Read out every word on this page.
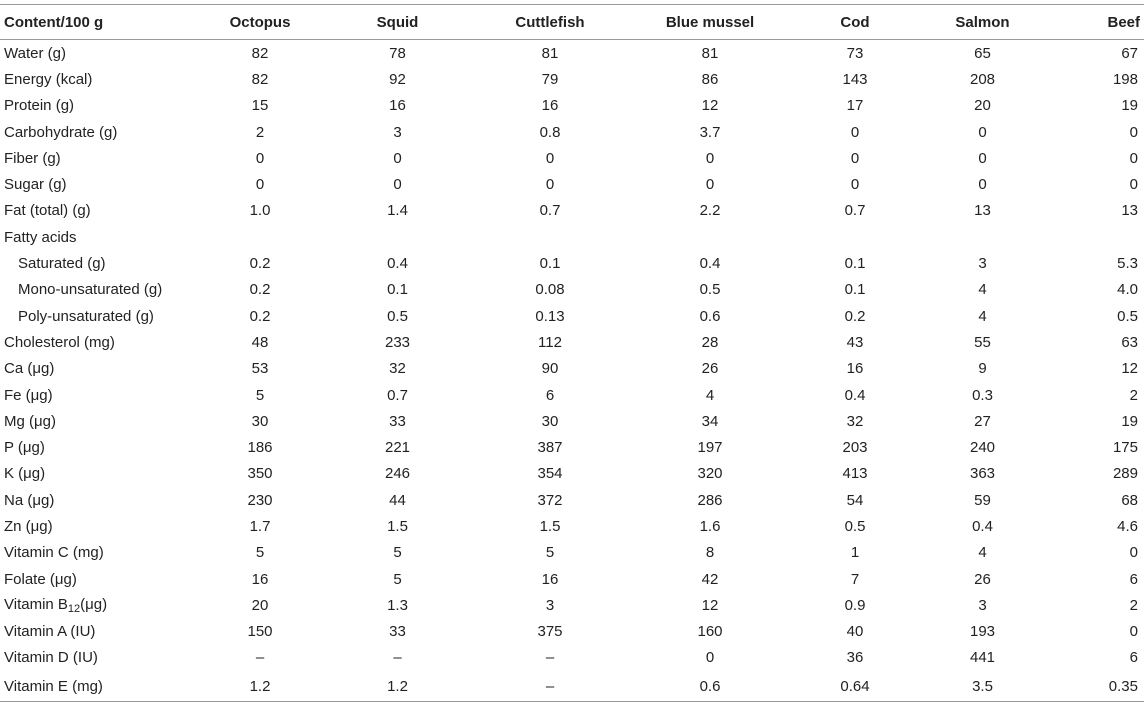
Content/100 g	Octopus	Squid	Cuttlefish	Blue mussel	Cod	Salmon	Beef
Water (g)	82	78	81	81	73	65	67
Energy (kcal)	82	92	79	86	143	208	198
Protein (g)	15	16	16	12	17	20	19
Carbohydrate (g)	2	3	0.8	3.7	0	0	0
Fiber (g)	0	0	0	0	0	0	0
Sugar (g)	0	0	0	0	0	0	0
Fat (total) (g)	1.0	1.4	0.7	2.2	0.7	13	13
Fatty acids							
Saturated (g)	0.2	0.4	0.1	0.4	0.1	3	5.3
Mono-unsaturated (g)	0.2	0.1	0.08	0.5	0.1	4	4.0
Poly-unsaturated (g)	0.2	0.5	0.13	0.6	0.2	4	0.5
Cholesterol (mg)	48	233	112	28	43	55	63
Ca (μg)	53	32	90	26	16	9	12
Fe (μg)	5	0.7	6	4	0.4	0.3	2
Mg (μg)	30	33	30	34	32	27	19
P (μg)	186	221	387	197	203	240	175
K (μg)	350	246	354	320	413	363	289
Na (μg)	230	44	372	286	54	59	68
Zn (μg)	1.7	1.5	1.5	1.6	0.5	0.4	4.6
Vitamin C (mg)	5	5	5	8	1	4	0
Folate (μg)	16	5	16	42	7	26	6
Vitamin $B_{12}(\mu g)$	20	1.3	3	12	0.9	3	2
Vitamin A (IU)	150	33	375	160	40	193	0
Vitamin D (IU)	–	–	–	0	36	441	6
Vitamin E (mg)	1.2	1.2	–	0.6	0.64	3.5	0.35
